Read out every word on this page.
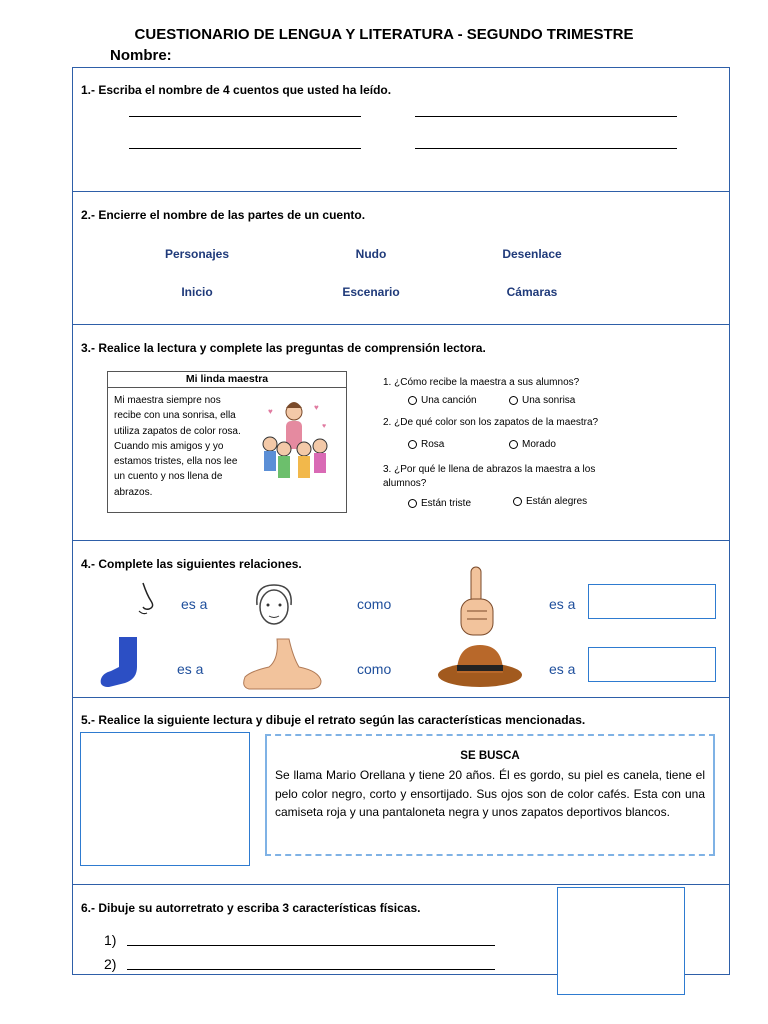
CUESTIONARIO DE LENGUA Y LITERATURA - SEGUNDO TRIMESTRE
Nombre:
1.- Escriba el nombre de 4 cuentos que usted ha leído.
2.- Encierre el nombre de las partes de un cuento.
Personajes	Nudo	Desenlace
Inicio	Escenario	Cámaras
3.- Realice la lectura y complete las preguntas de comprensión lectora.
Mi linda maestra
Mi maestra siempre nos recibe con una sonrisa, ella utiliza zapatos de color rosa. Cuando mis amigos y yo estamos tristes, ella nos lee un cuento y nos llena de abrazos.
♥	♥
♥
1. ¿Cómo recibe la maestra a sus alumnos?
Una canción	Una sonrisa
2. ¿De qué color son los zapatos de la maestra?
Rosa	Morado
3. ¿Por qué le llena de abrazos la maestra a los alumnos?
Están triste	Están alegres
4.- Complete las siguientes relaciones.
es a	como	es a
es a	como	es a
5.- Realice la siguiente lectura y dibuje el retrato según las características mencionadas.
SE BUSCA
Se llama Mario Orellana y tiene 20 años. Él es gordo, su piel es canela, tiene el pelo color negro, corto y ensortijado. Sus ojos son de color cafés. Esta con una camiseta roja y una pantaloneta negra y unos zapatos deportivos blancos.
6.- Dibuje su autorretrato y escriba 3 características físicas.
1)
2)
